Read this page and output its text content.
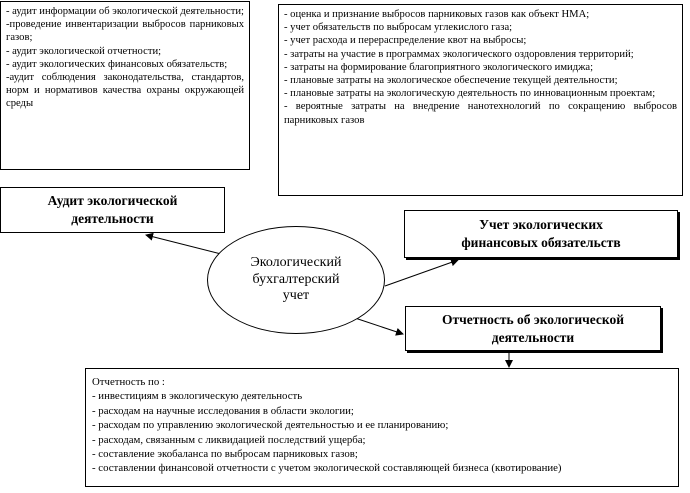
- аудит информации об экологической деятельности;
-проведение инвентаризации выбросов парниковых газов;
- аудит экологической отчетности;
- аудит экологических финансовых обязательств;
-аудит соблюдения законодательства, стандартов, норм и нормативов качества охраны окружающей среды
- оценка и признание выбросов парниковых газов как объект НМА;
- учет обязательств по выбросам углекислого газа;
- учет расхода и перераспределение квот на выбросы;
- затраты на участие в программах экологического оздоровления территорий;
- затраты на формирование благоприятного экологического имиджа;
- плановые затраты на экологическое обеспечение текущей деятельности;
- плановые затраты на экологическую деятельность по инновационным проектам;
- вероятные затраты на внедрение нанотехнологий по сокращению выбросов парниковых газов
Аудит экологической
деятельности	Учет экологических
финансовых обязательств
Экологический
бухгалтерский
учет
Отчетность об экологической
деятельности
Отчетность по :
- инвестициям в экологическую деятельность
- расходам на научные исследования в области экологии;
- расходам по управлению экологической деятельностью и ее планированию;
- расходам, связанным с ликвидацией последствий ущерба;
- составление экобаланса по выбросам парниковых газов;
- составлении финансовой отчетности с учетом экологической составляющей бизнеса (квотирование)
